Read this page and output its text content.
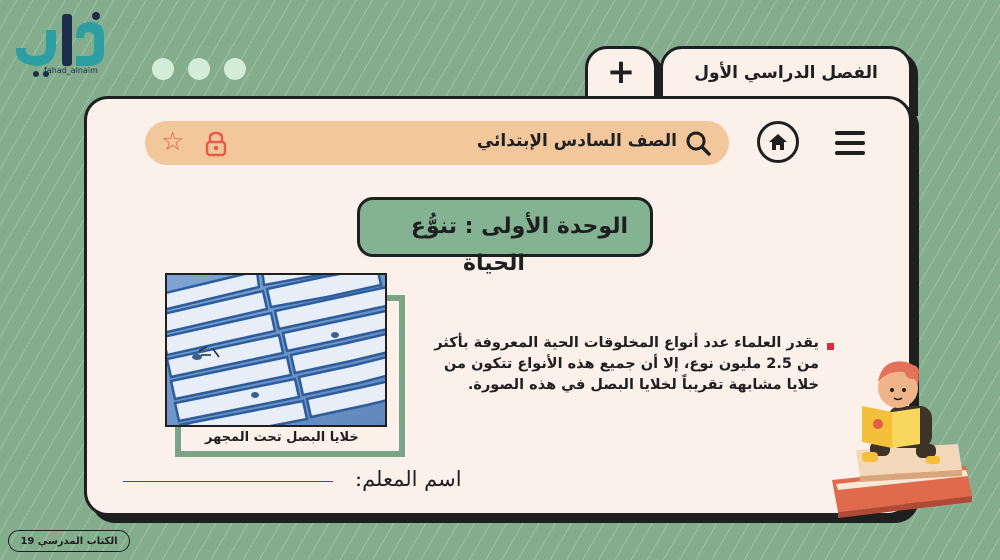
fahad_alnaim	الفصل الدراسي الأول
+
☆	الصف السادس الإبتدائي
الوحدة الأولى : تنوُّع
الحياة
خلايا البصل تحت المجهر
يقدر العلماء عدد أنواع المخلوقات الحية المعروفة بأكثر من 2.5 مليون نوع، إلا أن جميع هذه الأنواع تتكون من خلايا مشابهة تقريباً لخلايا البصل في هذه الصورة.
اسم المعلم:
الكتاب المدرسي 19
